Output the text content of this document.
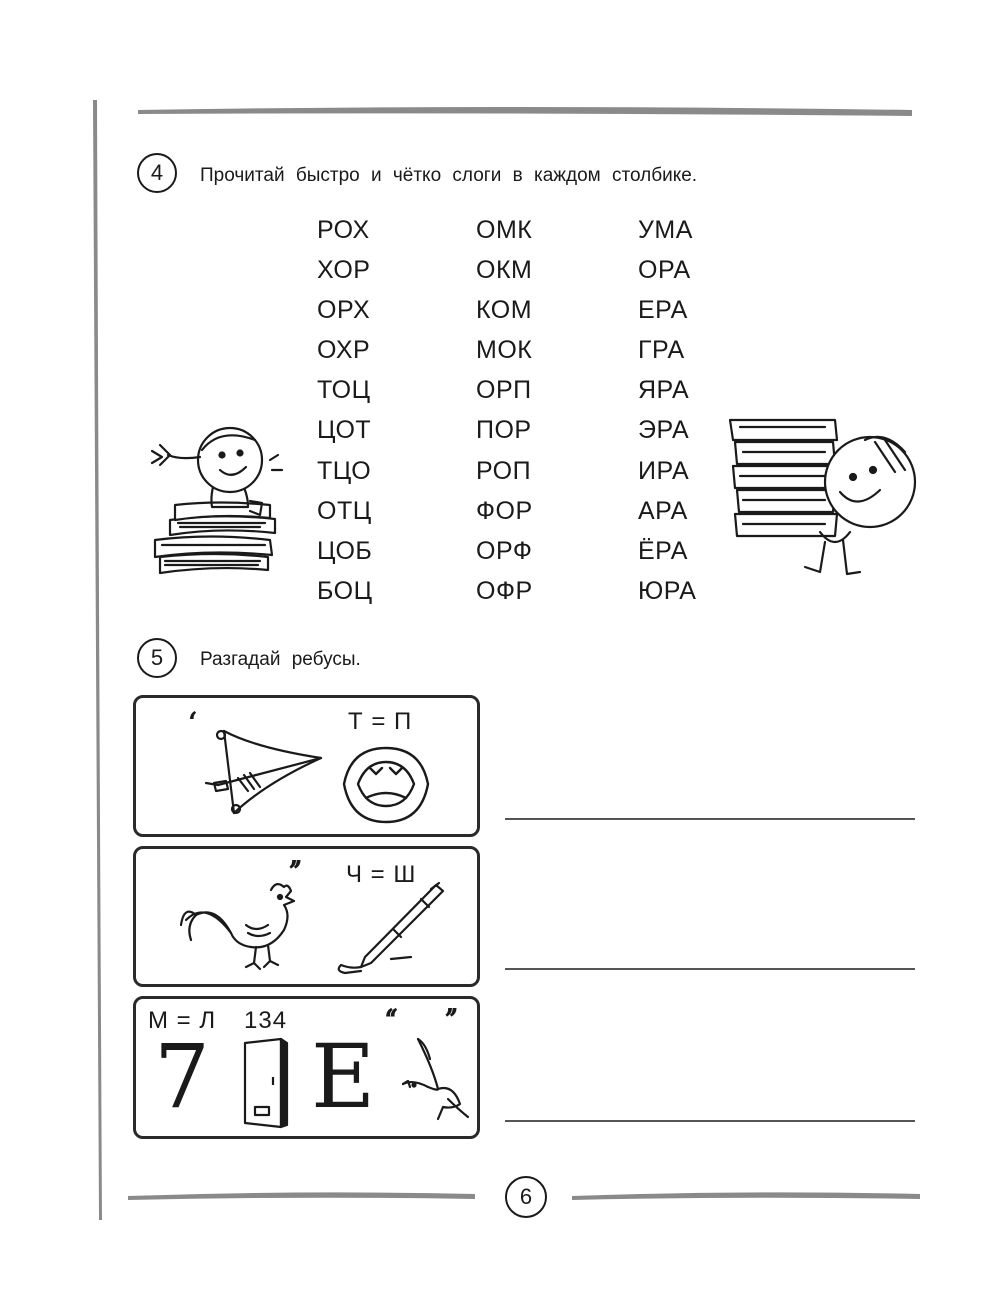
4	Прочитай быстро и чётко слоги в каждом столбике.
РОХ
ХОР
ОРХ
ОХР
ТОЦ
ЦОТ
ТЦО
ОТЦ
ЦОБ
БОЦ
ОМК
ОКМ
КОМ
МОК
ОРП
ПОР
РОП
ФОР
ОРФ
ОФР
УМА
ОРА
ЕРА
ГРА
ЯРА
ЭРА
ИРА
АРА
ЁРА
ЮРА
5	Разгадай ребусы.
‘	Т = П
’’ Ч = Ш
М = Л 134
7 Е
‘‘ ’’
6
